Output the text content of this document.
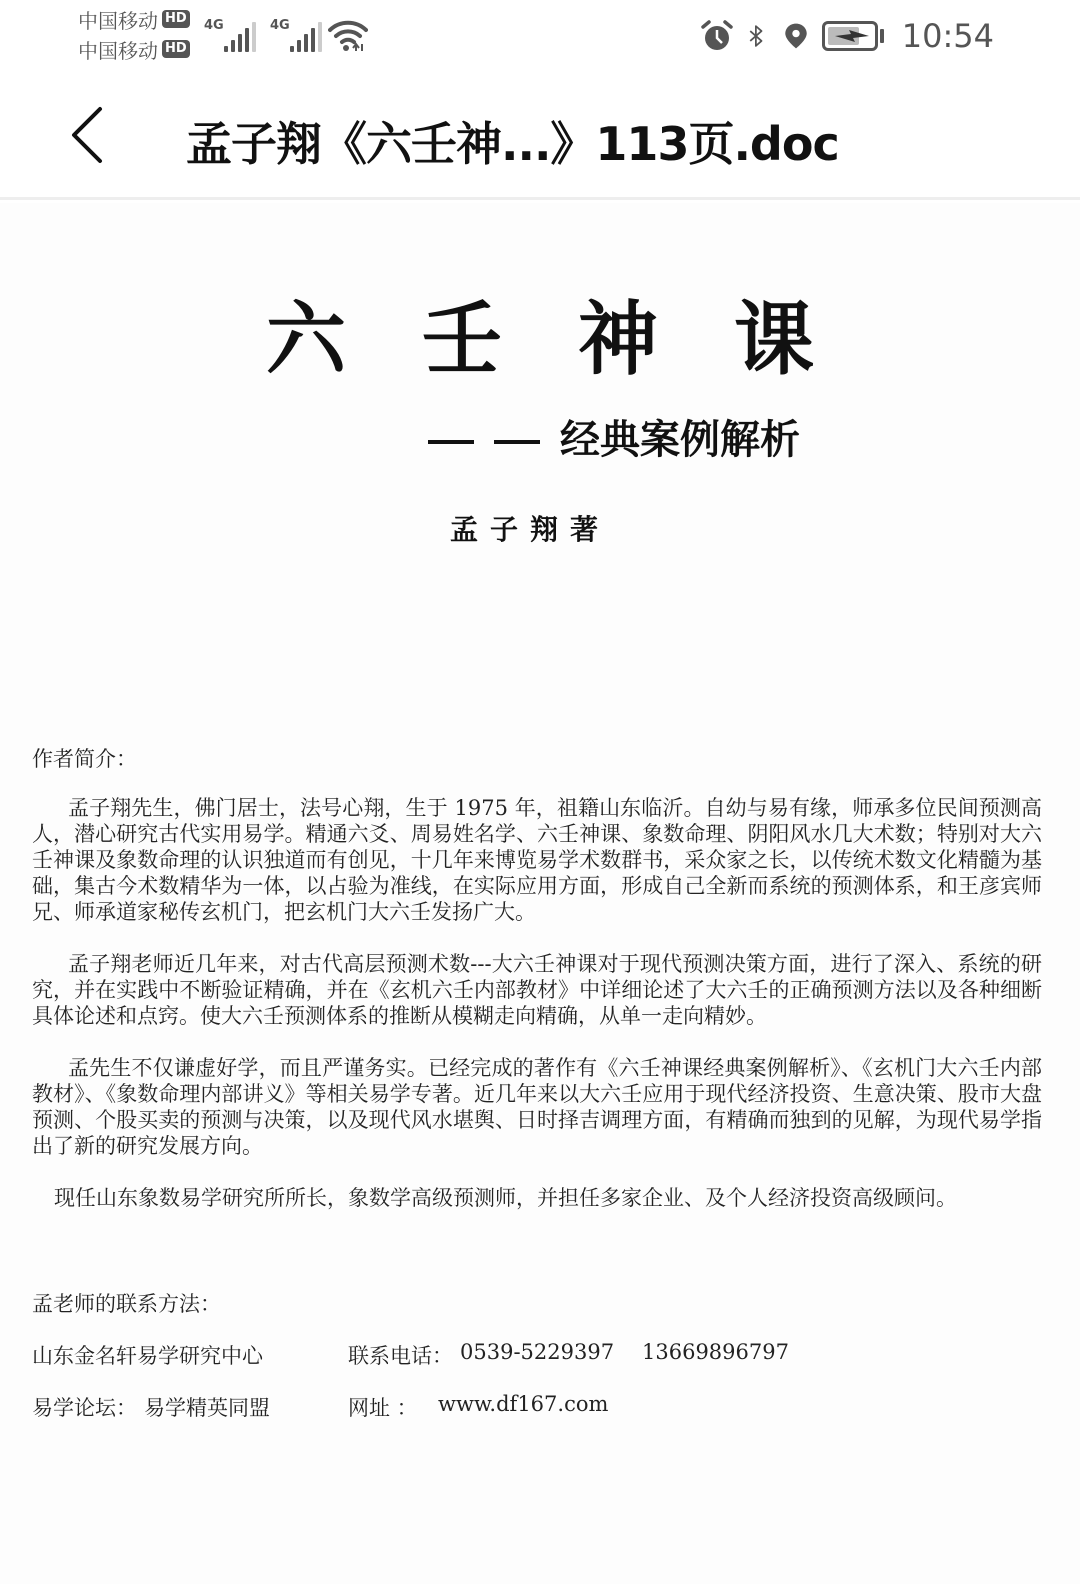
中国移动 HD
中国移动 HD
4G	4G	10:54
孟子翔《六壬神...》113页.doc
六 壬 神 课
经典案例解析
孟子翔著
作者简介：

孟子翔先生，佛门居士，法号心翔，生于 1975 年，祖籍山东临沂。自幼与易有缘，师承多位民间预测高人，潜心研究古代实用易学。精通六爻、周易姓名学、六壬神课、象数命理、阴阳风水几大术数；特别对大六壬神课及象数命理的认识独道而有创见，十几年来博览易学术数群书，采众家之长，以传统术数文化精髓为基础，集古今术数精华为一体，以占验为准线，在实际应用方面，形成自己全新而系统的预测体系，和王彦宾师兄、师承道家秘传玄机门，把玄机门大六壬发扬广大。

孟子翔老师近几年来，对古代高层预测术数---大六壬神课对于现代预测决策方面，进行了深入、系统的研究，并在实践中不断验证精确，并在《玄机六壬内部教材》中详细论述了大六壬的正确预测方法以及各种细断具体论述和点窍。使大六壬预测体系的推断从模糊走向精确，从单一走向精妙。

孟先生不仅谦虚好学，而且严谨务实。已经完成的著作有《六壬神课经典案例解析》、《玄机门大六壬内部教材》、《象数命理内部讲义》等相关易学专著。近几年来以大六壬应用于现代经济投资、生意决策、股市大盘预测、个股买卖的预测与决策，以及现代风水堪舆、日时择吉调理方面，有精确而独到的见解，为现代易学指出了新的研究发展方向。

现任山东象数易学研究所所长，象数学高级预测师，并担任多家企业、及个人经济投资高级顾问。

孟老师的联系方法：
山东金名轩易学研究中心	联系电话： 0539-5229397 13669896797
易学论坛： 易学精英同盟	网址 ： www.df167.com
